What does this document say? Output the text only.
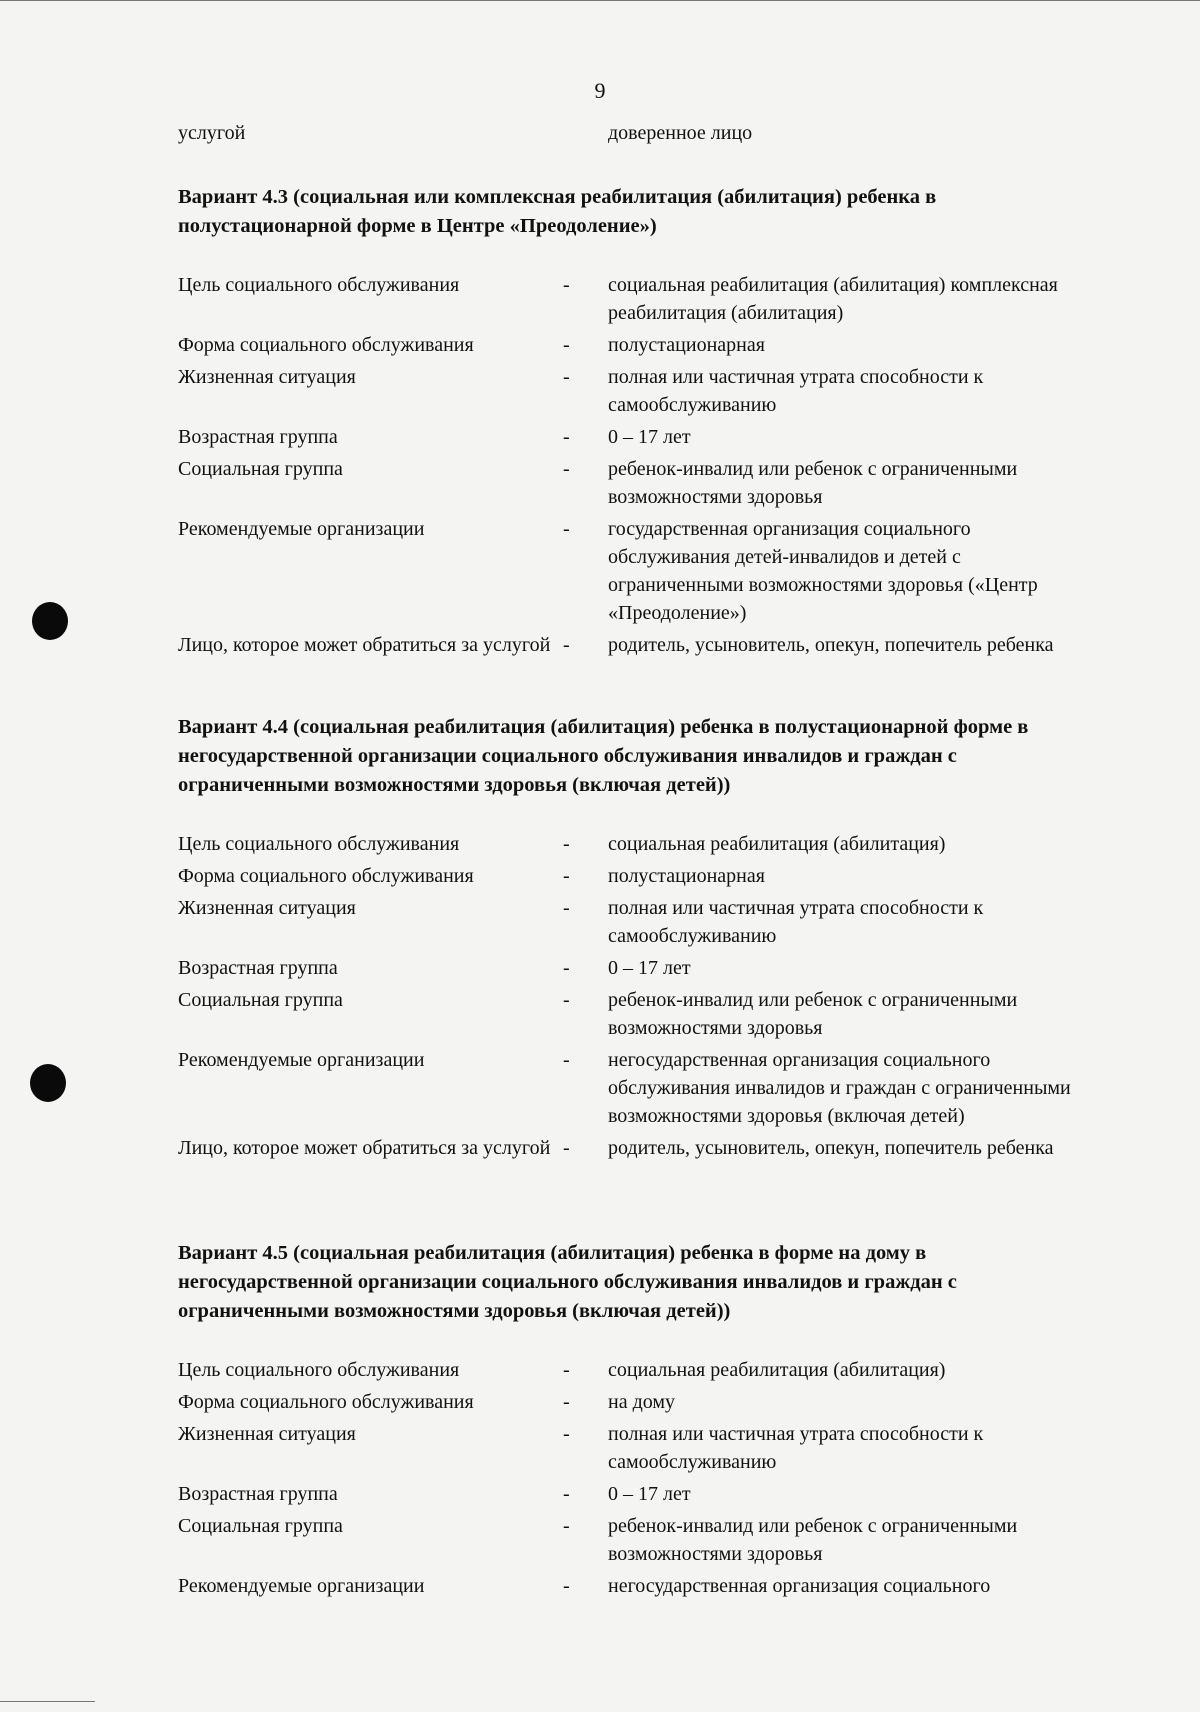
9
услугой	доверенное лицо

Вариант 4.3 (социальная или комплексная реабилитация (абилитация) ребенка в полустационарной форме в Центре «Преодоление»)

Цель социального обслуживания	-	социальная реабилитация (абилитация) комплексная реабилитация (абилитация)
Форма социального обслуживания	-	полустационарная
Жизненная ситуация	-	полная или частичная утрата способности к самообслуживанию
Возрастная группа	-	0 – 17 лет
Социальная группа	-	ребенок-инвалид или ребенок с ограниченными возможностями здоровья
Рекомендуемые организации	-	государственная организация социального обслуживания детей-инвалидов и детей с ограниченными возможностями здоровья («Центр «Преодоление»)
Лицо, которое может обратиться за услугой -	родитель, усыновитель, опекун, попечитель ребенка

Вариант 4.4 (социальная реабилитация (абилитация) ребенка в полустационарной форме в негосударственной организации социального обслуживания инвалидов и граждан с ограниченными возможностями здоровья (включая детей))

Цель социального обслуживания	-	социальная реабилитация (абилитация)
Форма социального обслуживания	-	полустационарная
Жизненная ситуация	-	полная или частичная утрата способности к самообслуживанию
Возрастная группа	-	0 – 17 лет
Социальная группа	-	ребенок-инвалид или ребенок с ограниченными возможностями здоровья
Рекомендуемые организации	-	негосударственная организация социального обслуживания инвалидов и граждан с ограниченными возможностями здоровья (включая детей)
Лицо, которое может обратиться за услугой -	родитель, усыновитель, опекун, попечитель ребенка

Вариант 4.5 (социальная реабилитация (абилитация) ребенка в форме на дому в негосударственной организации социального обслуживания инвалидов и граждан с ограниченными возможностями здоровья (включая детей))

Цель социального обслуживания	-	социальная реабилитация (абилитация)
Форма социального обслуживания	-	на дому
Жизненная ситуация	-	полная или частичная утрата способности к самообслуживанию
Возрастная группа	-	0 – 17 лет
Социальная группа	-	ребенок-инвалид или ребенок с ограниченными возможностями здоровья
Рекомендуемые организации	-	негосударственная организация социального
